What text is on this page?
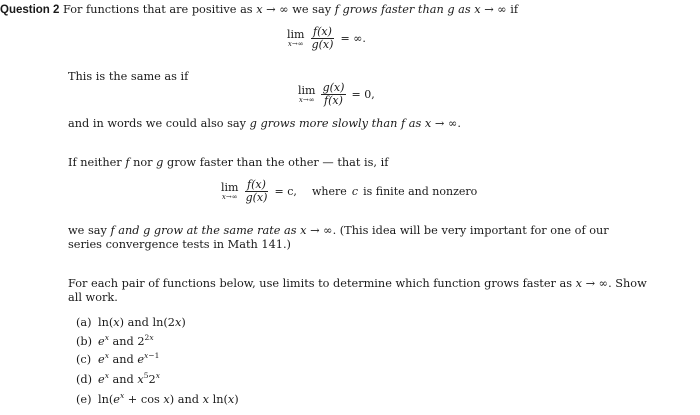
Question 2 For functions that are positive as x → ∞ we say f grows faster than g as x → ∞ if
lim
x→∞
$\frac{f(x)}{g(x)}$ = ∞.
This is the same as if
lim
x→∞
$\frac{g(x)}{f(x)} = 0$,
and in words we could also say g grows more slowly than f as x → ∞.
If neither f nor g grow faster than the other — that is, if
lim
x→∞
$\frac{f(x)}{g(x)} = c$, where c is finite and nonzero
we say f and g grow at the same rate as x → ∞. (This idea will be very important for one of our
series convergence tests in Math 141.)
For each pair of functions below, use limits to determine which function grows faster as x → ∞. Show
all work.
(a) ln(x) and ln(2x)
(b) $e^x$ and $2^{2x}$
(c) $e^x$ and $e^{x-1}$
(d) $e^x$ and $x^52^x$
(e) $\ln(e^x + \cos x)$ and x ln(x)
